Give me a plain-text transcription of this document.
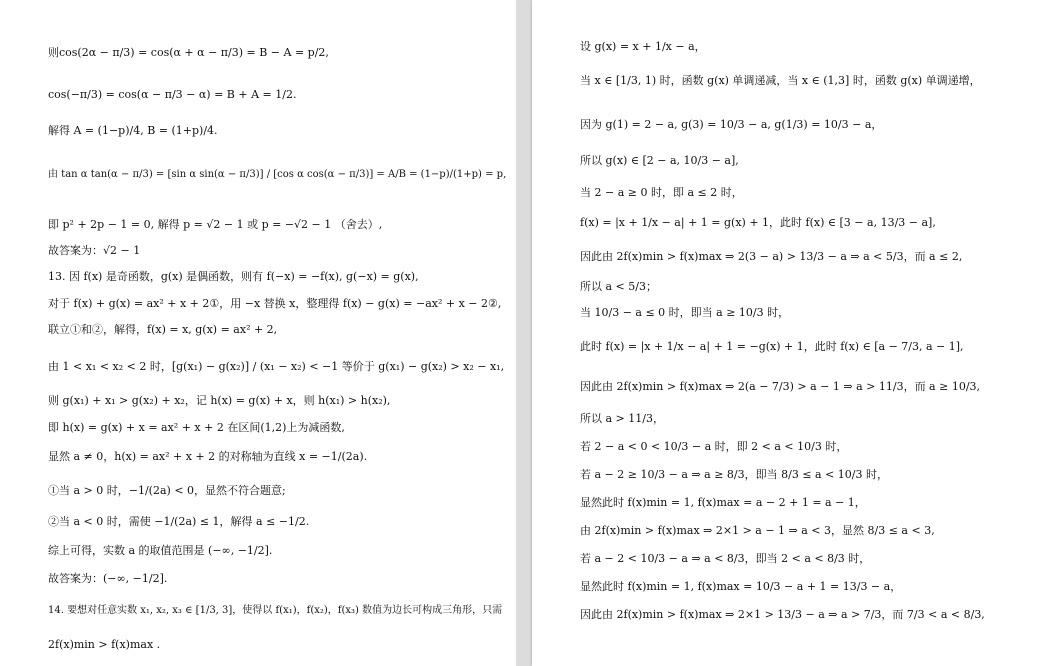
则cos(2α − π/3) = cos(α + α − π/3) = B − A = p/2,
cos(−π/3) = cos(α − π/3 − α) = B + A = 1/2.
解得 A = (1−p)/4, B = (1+p)/4.
由 tan α tan(α − π/3) = [sin α sin(α − π/3)] / [cos α cos(α − π/3)] = A/B = (1−p)/(1+p) = p,
即 p² + 2p − 1 = 0, 解得 p = √2 − 1 或 p = −√2 − 1 （舍去）,
故答案为：√2 − 1
13. 因 f(x) 是奇函数，g(x) 是偶函数，则有 f(−x) = −f(x), g(−x) = g(x),
对于 f(x) + g(x) = ax² + x + 2①，用 −x 替换 x，整理得 f(x) − g(x) = −ax² + x − 2②,
联立①和②，解得，f(x) = x, g(x) = ax² + 2,
由 1 < x₁ < x₂ < 2 时，[g(x₁) − g(x₂)] / (x₁ − x₂) < −1 等价于 g(x₁) − g(x₂) > x₂ − x₁,
则 g(x₁) + x₁ > g(x₂) + x₂，记 h(x) = g(x) + x，则 h(x₁) > h(x₂),
即 h(x) = g(x) + x = ax² + x + 2 在区间(1,2)上为减函数,
显然 a ≠ 0，h(x) = ax² + x + 2 的对称轴为直线 x = −1/(2a).
①当 a > 0 时，−1/(2a) < 0，显然不符合题意;
②当 a < 0 时，需使 −1/(2a) ≤ 1，解得 a ≤ −1/2.
综上可得，实数 a 的取值范围是 (−∞, −1/2].
故答案为：(−∞, −1/2].
14. 要想对任意实数 x₁, x₂, x₃ ∈ [1/3, 3]，使得以 f(x₁)，f(x₂)，f(x₃) 数值为边长可构成三角形，只需
2f(x)min > f(x)max .
设 g(x) = x + 1/x − a，
当 x ∈ [1/3, 1) 时，函数 g(x) 单调递减，当 x ∈ (1,3] 时，函数 g(x) 单调递增，
因为 g(1) = 2 − a, g(3) = 10/3 − a, g(1/3) = 10/3 − a，
所以 g(x) ∈ [2 − a, 10/3 − a],
当 2 − a ≥ 0 时，即 a ≤ 2 时，
f(x) = |x + 1/x − a| + 1 = g(x) + 1，此时 f(x) ∈ [3 − a, 13/3 − a],
因此由 2f(x)min > f(x)max ⇒ 2(3 − a) > 13/3 − a ⇒ a < 5/3，而 a ≤ 2,
所以 a < 5/3；
当 10/3 − a ≤ 0 时，即当 a ≥ 10/3 时，
此时 f(x) = |x + 1/x − a| + 1 = −g(x) + 1，此时 f(x) ∈ [a − 7/3, a − 1],
因此由 2f(x)min > f(x)max ⇒ 2(a − 7/3) > a − 1 ⇒ a > 11/3，而 a ≥ 10/3,
所以 a > 11/3，
若 2 − a < 0 < 10/3 − a 时，即 2 < a < 10/3 时，
若 a − 2 ≥ 10/3 − a ⇒ a ≥ 8/3，即当 8/3 ≤ a < 10/3 时，
显然此时 f(x)min = 1, f(x)max = a − 2 + 1 = a − 1，
由 2f(x)min > f(x)max ⇒ 2×1 > a − 1 ⇒ a < 3，显然 8/3 ≤ a < 3,
若 a − 2 < 10/3 − a ⇒ a < 8/3，即当 2 < a < 8/3 时，
显然此时 f(x)min = 1, f(x)max = 10/3 − a + 1 = 13/3 − a，
因此由 2f(x)min > f(x)max ⇒ 2×1 > 13/3 − a ⇒ a > 7/3，而 7/3 < a < 8/3,
